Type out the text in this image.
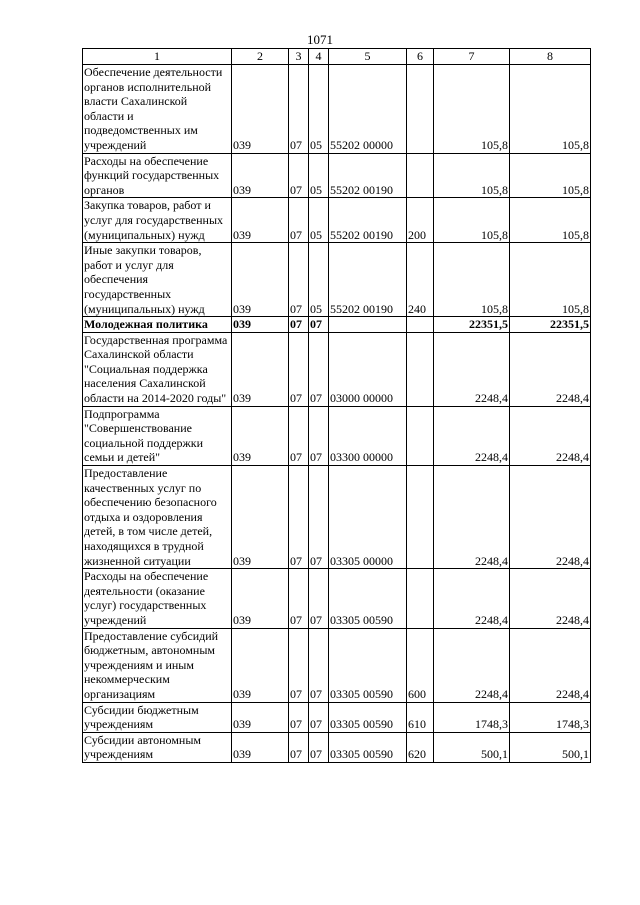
1071
1	2	3	4	5	6	7	8

Обеспечение деятельности органов исполнительной власти Сахалинской области и подведомственных им учреждений	039	07	05	55202 00000		105,8	105,8

Расходы на обеспечение функций государственных органов	039	07	05	55202 00190		105,8	105,8

Закупка товаров, работ и услуг для государственных (муниципальных) нужд	039	07	05	55202 00190	200	105,8	105,8

Иные закупки товаров, работ и услуг для обеспечения государственных (муниципальных) нужд	039	07	05	55202 00190	240	105,8	105,8

Молодежная политика	039	07	07			22351,5	22351,5

Государственная программа Сахалинской области "Социальная поддержка населения Сахалинской области на 2014-2020 годы"	039	07	07	03000 00000		2248,4	2248,4

Подпрограмма "Совершенствование социальной поддержки семьи и детей"	039	07	07	03300 00000		2248,4	2248,4

Предоставление качественных услуг по обеспечению безопасного отдыха и оздоровления детей, в том числе детей, находящихся в трудной жизненной ситуации	039	07	07	03305 00000		2248,4	2248,4

Расходы на обеспечение деятельности (оказание услуг) государственных учреждений	039	07	07	03305 00590		2248,4	2248,4

Предоставление субсидий бюджетным, автономным учреждениям и иным некоммерческим организациям	039	07	07	03305 00590	600	2248,4	2248,4

Субсидии бюджетным учреждениям	039	07	07	03305 00590	610	1748,3	1748,3

Субсидии автономным учреждениям	039	07	07	03305 00590	620	500,1	500,1
